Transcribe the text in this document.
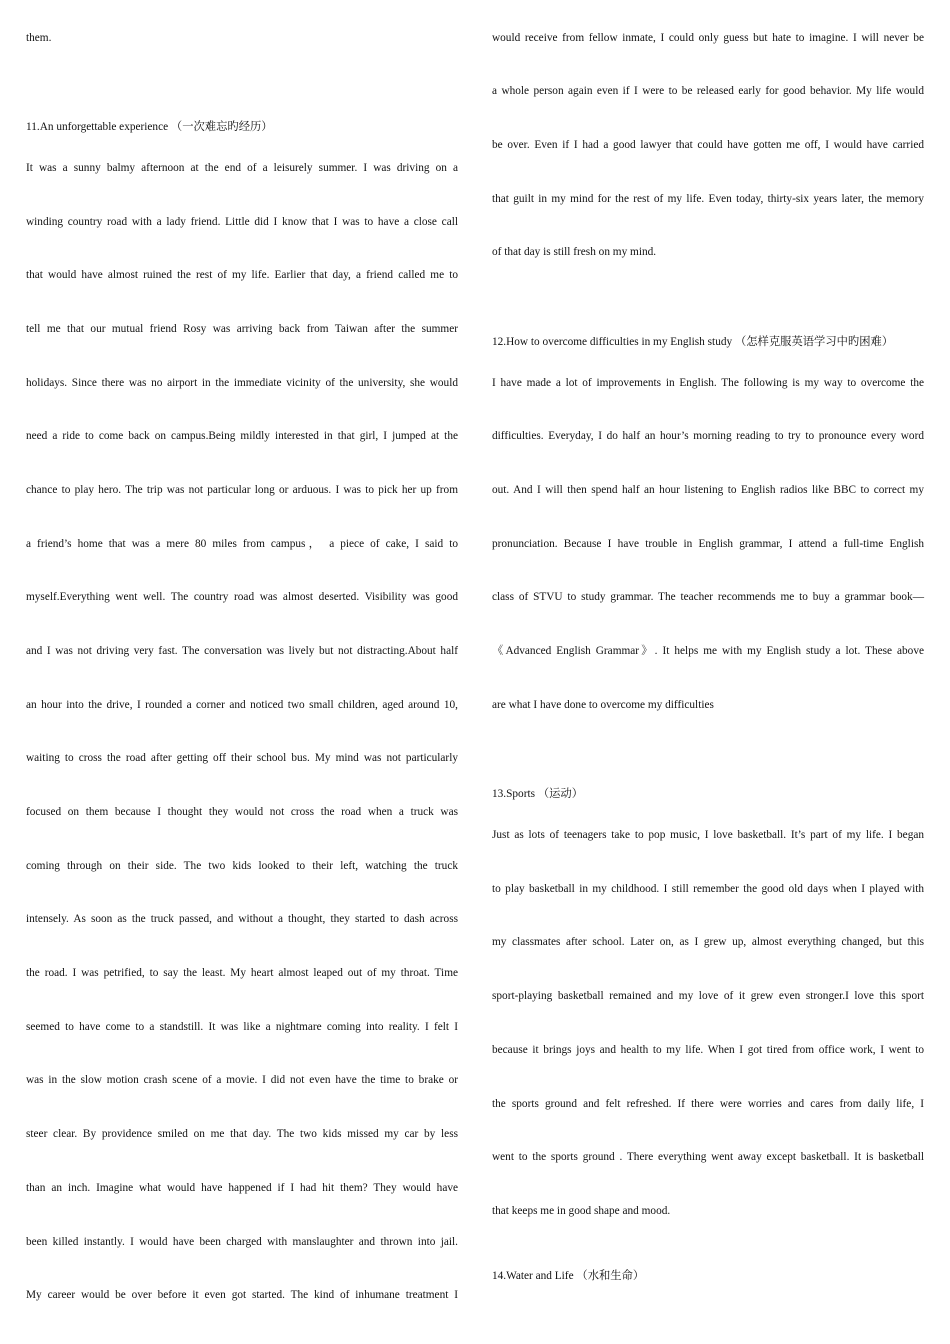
them.
11.An unforgettable experience （一次难忘旳经历）
It was a sunny balmy afternoon at the end of a leisurely summer. I was driving on a
winding country road with a lady friend. Little did I know that I was to have a close call
that would have almost ruined the rest of my life. Earlier that day, a friend called me to
tell me that our mutual friend Rosy was arriving back from Taiwan after the summer
holidays. Since there was no airport in the immediate vicinity of the university, she would
need a ride to come back on campus.Being mildly interested in that girl, I jumped at the
chance to play hero. The trip was not particular long or arduous. I was to pick her up from
a friend’s home that was a mere 80 miles from campus， a piece of cake, I said to
myself.Everything went well. The country road was almost deserted. Visibility was good
and I was not driving very fast. The conversation was lively but not distracting.About half
an hour into the drive, I rounded a corner and noticed two small children, aged around 10,
waiting to cross the road after getting off their school bus. My mind was not particularly
focused on them because I thought they would not cross the road when a truck was
coming through on their side. The two kids looked to their left, watching the truck
intensely. As soon as the truck passed, and without a thought, they started to dash across
the road. I was petrified, to say the least. My heart almost leaped out of my throat. Time
seemed to have come to a standstill. It was like a nightmare coming into reality. I felt I
was in the slow motion crash scene of a movie. I did not even have the time to brake or
steer clear. By providence smiled on me that day. The two kids missed my car by less
than an inch. Imagine what would have happened if I had hit them? They would have
been killed instantly. I would have been charged with manslaughter and thrown into jail.
My career would be over before it even got started. The kind of inhumane treatment I
would receive from fellow inmate, I could only guess but hate to imagine. I will never be
a whole person again even if I were to be released early for good behavior. My life would
be over. Even if I had a good lawyer that could have gotten me off, I would have carried
that guilt in my mind for the rest of my life. Even today, thirty-six years later, the memory
of that day is still fresh on my mind.
12.How to overcome difficulties in my English study （怎样克服英语学习中旳困难）
I have made a lot of improvements in English. The following is my way to overcome the
difficulties. Everyday, I do half an hour’s morning reading to try to pronounce every word
out. And I will then spend half an hour listening to English radios like BBC to correct my
pronunciation. Because I have trouble in English grammar, I attend a full-time English
class of STVU to study grammar. The teacher recommends me to buy a grammar book—
《Advanced English Grammar》. It helps me with my English study a lot. These above
are what I have done to overcome my difficulties
13.Sports （运动）
Just as lots of teenagers take to pop music, I love basketball. It’s part of my life. I began
to play basketball in my childhood. I still remember the good old days when I played with
my classmates after school. Later on, as I grew up, almost everything changed, but this
sport-playing basketball remained and my love of it grew even stronger.I love this sport
because it brings joys and health to my life. When I got tired from office work, I went to
the sports ground and felt refreshed. If there were worries and cares from daily life, I
went to the sports ground . There everything went away except basketball. It is basketball
that keeps me in good shape and mood.
14.Water and Life （水和生命）
